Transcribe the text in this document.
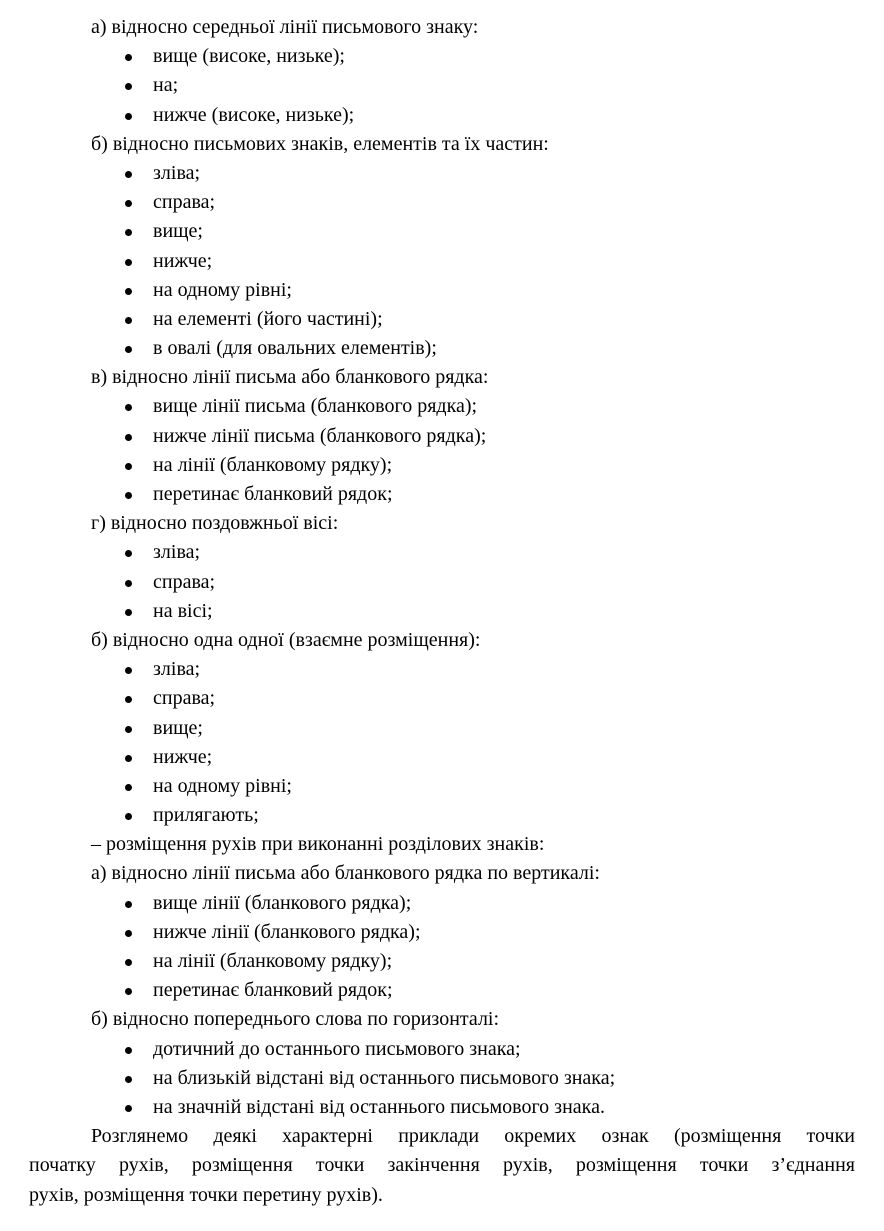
а) відносно середньої лінії письмового знаку:
вище (високе, низьке);
на;
нижче (високе, низьке);
б) відносно письмових знаків, елементів та їх частин:
зліва;
справа;
вище;
нижче;
на одному рівні;
на елементі (його частині);
в овалі (для овальних елементів);
в) відносно лінії письма або бланкового рядка:
вище лінії письма (бланкового рядка);
нижче лінії письма (бланкового рядка);
на лінії (бланковому рядку);
перетинає бланковий рядок;
г) відносно поздовжньої вісі:
зліва;
справа;
на вісі;
б) відносно одна одної (взаємне розміщення):
зліва;
справа;
вище;
нижче;
на одному рівні;
прилягають;
– розміщення рухів при виконанні розділових знаків:
а) відносно лінії письма або бланкового рядка по вертикалі:
вище лінії (бланкового рядка);
нижче лінії (бланкового рядка);
на лінії (бланковому рядку);
перетинає бланковий рядок;
б) відносно попереднього слова по горизонталі:
дотичний до останнього письмового знака;
на близькій відстані від останнього письмового знака;
на значній відстані від останнього письмового знака.
Розглянемо деякі характерні приклади окремих ознак (розміщення точки
початку рухів, розміщення точки закінчення рухів, розміщення точки з’єднання
рухів, розміщення точки перетину рухів).
